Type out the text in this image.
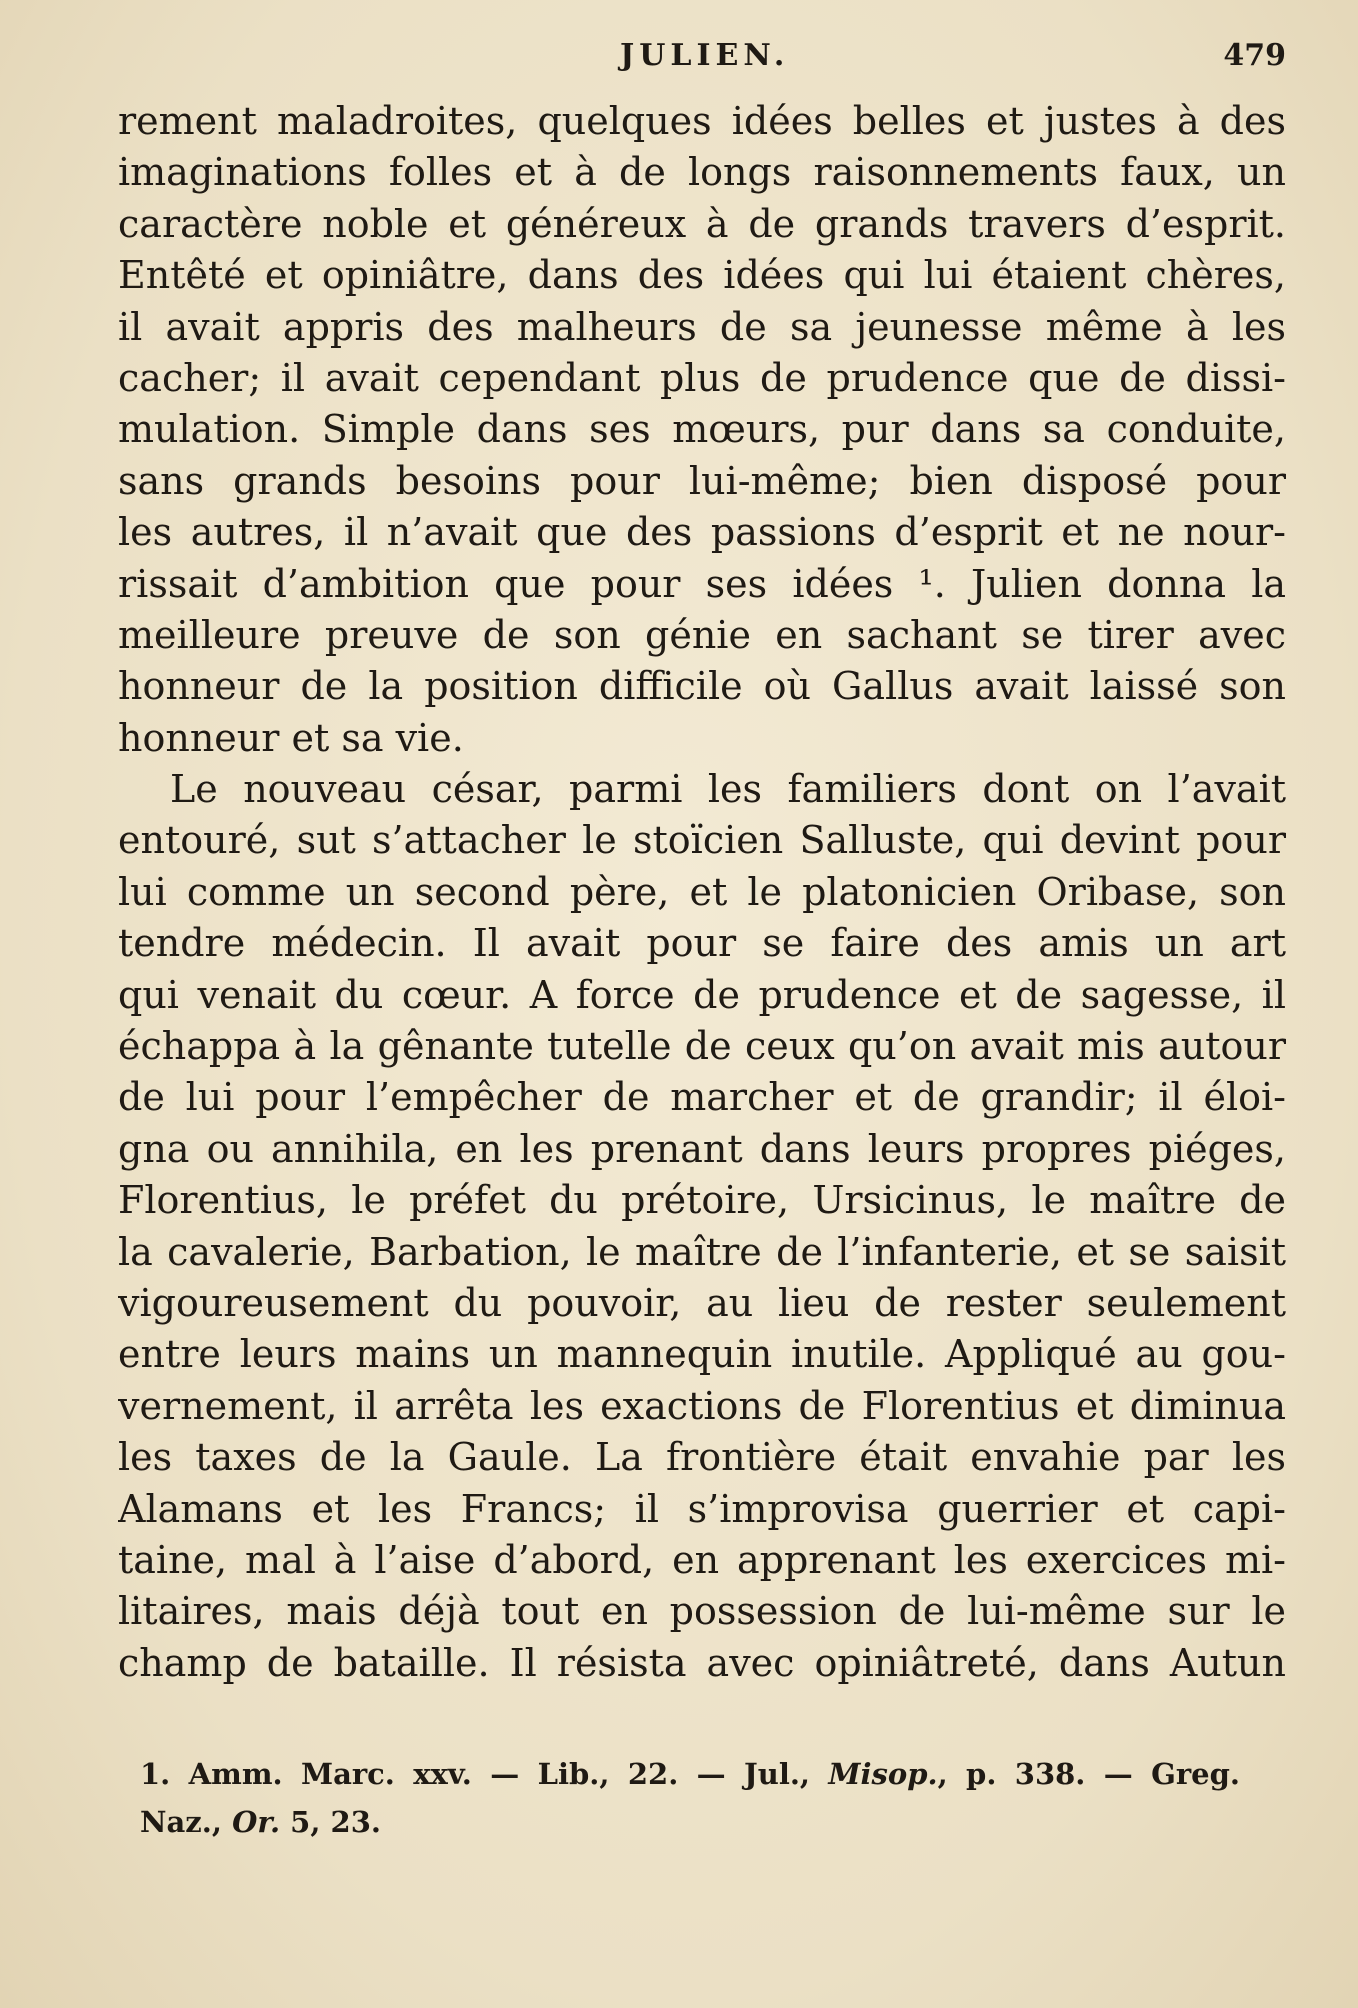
JULIEN.	479
rement maladroites, quelques idées belles et justes à des
imaginations folles et à de longs raisonnements faux, un
caractère noble et généreux à de grands travers d’esprit.
Entêté et opiniâtre, dans des idées qui lui étaient chères,
il avait appris des malheurs de sa jeunesse même à les
cacher; il avait cependant plus de prudence que de dissi-
mulation. Simple dans ses mœurs, pur dans sa conduite,
sans grands besoins pour lui-même; bien disposé pour
les autres, il n’avait que des passions d’esprit et ne nour-
rissait d’ambition que pour ses idées ¹. Julien donna la
meilleure preuve de son génie en sachant se tirer avec
honneur de la position difficile où Gallus avait laissé son
honneur et sa vie.
Le nouveau césar, parmi les familiers dont on l’avait
entouré, sut s’attacher le stoïcien Salluste, qui devint pour
lui comme un second père, et le platonicien Oribase, son
tendre médecin. Il avait pour se faire des amis un art
qui venait du cœur. A force de prudence et de sagesse, il
échappa à la gênante tutelle de ceux qu’on avait mis autour
de lui pour l’empêcher de marcher et de grandir; il éloi-
gna ou annihila, en les prenant dans leurs propres piéges,
Florentius, le préfet du prétoire, Ursicinus, le maître de
la cavalerie, Barbation, le maître de l’infanterie, et se saisit
vigoureusement du pouvoir, au lieu de rester seulement
entre leurs mains un mannequin inutile. Appliqué au gou-
vernement, il arrêta les exactions de Florentius et diminua
les taxes de la Gaule. La frontière était envahie par les
Alamans et les Francs; il s’improvisa guerrier et capi-
taine, mal à l’aise d’abord, en apprenant les exercices mi-
litaires, mais déjà tout en possession de lui-même sur le
champ de bataille. Il résista avec opiniâtreté, dans Autun
1. Amm. Marc. xxv. — Lib., 22. — Jul., Misop., p. 338. — Greg.
Naz., Or. 5, 23.
